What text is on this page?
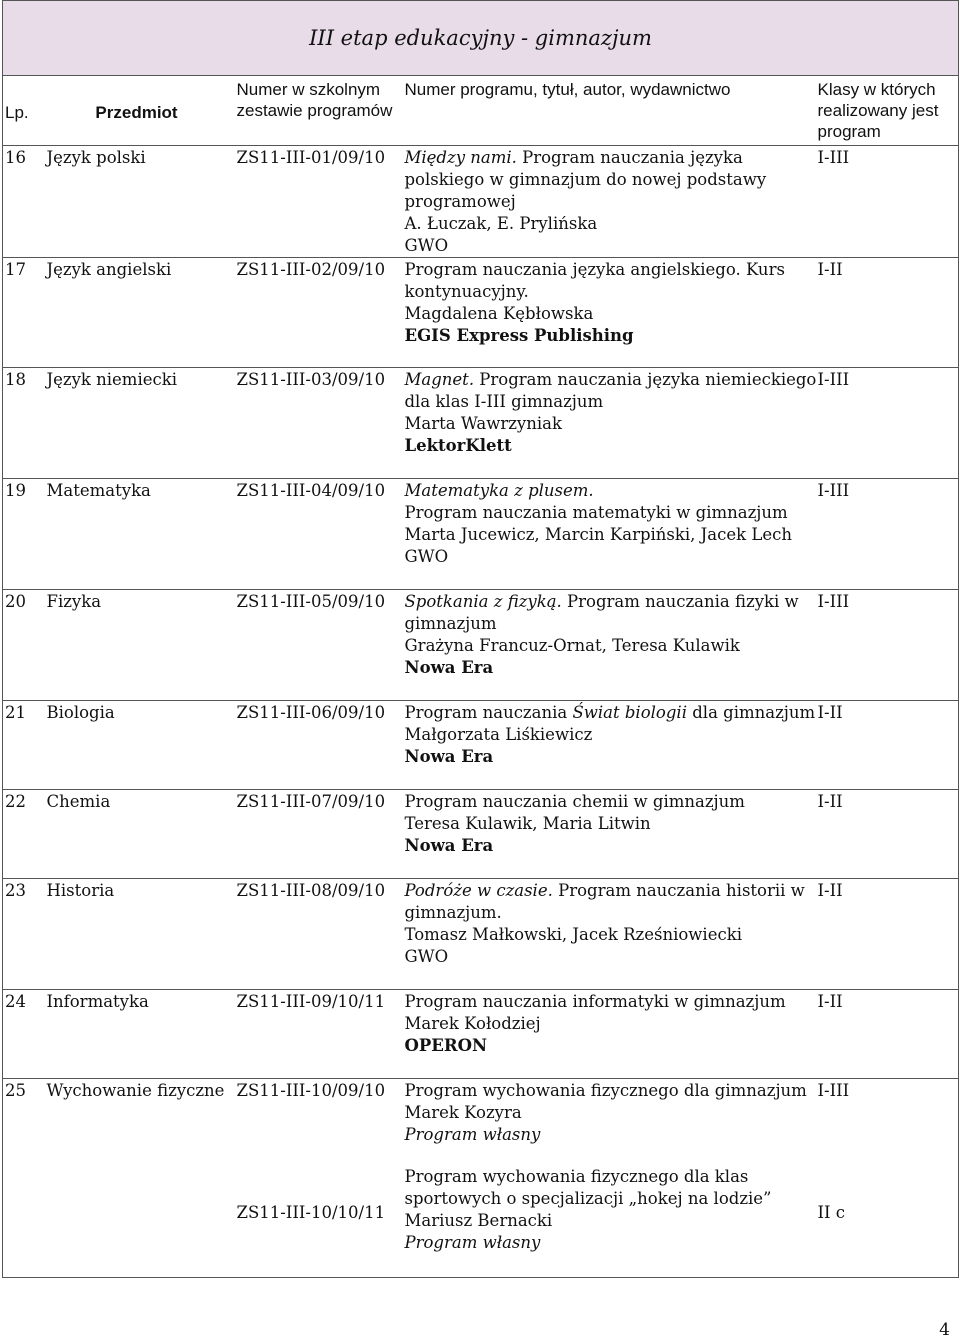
III etap edukacyjny - gimnazjum				
Lp.	Przedmiot	Numer w szkolnym zestawie programów	Numer programu, tytuł, autor, wydawnictwo	Klasy w których realizowany jest program
16	Język polski	ZS11-III-01/09/10	Między nami. Program nauczania języka polskiego w gimnazjum do nowej podstawy programowej
A. Łuczak, E. Prylińska
GWO	I-III
17	Język angielski	ZS11-III-02/09/10	Program nauczania języka angielskiego. Kurs kontynuacyjny.
Magdalena Kębłowska
EGIS Express Publishing	I-II
18	Język niemiecki	ZS11-III-03/09/10	Magnet. Program nauczania języka niemieckiego dla klas I-III gimnazjum
Marta Wawrzyniak
LektorKlett	I-III
19	Matematyka	ZS11-III-04/09/10	Matematyka z plusem.
Program nauczania matematyki w gimnazjum
Marta Jucewicz, Marcin Karpiński, Jacek Lech
GWO	I-III
20	Fizyka	ZS11-III-05/09/10	Spotkania z fizyką. Program nauczania fizyki w gimnazjum
Grażyna Francuz-Ornat, Teresa Kulawik
Nowa Era	I-III
21	Biologia	ZS11-III-06/09/10	Program nauczania Świat biologii dla gimnazjum
Małgorzata Liśkiewicz
Nowa Era	I-II
22	Chemia	ZS11-III-07/09/10	Program nauczania chemii w gimnazjum
Teresa Kulawik, Maria Litwin
Nowa Era	I-II
23	Historia	ZS11-III-08/09/10	Podróże w czasie. Program nauczania historii w gimnazjum.
Tomasz Małkowski, Jacek Rześniowiecki
GWO	I-II
24	Informatyka	ZS11-III-09/10/11	Program nauczania informatyki w gimnazjum
Marek Kołodziej
OPERON	I-II
25	Wychowanie fizyczne	ZS11-III-10/09/10	Program wychowania fizycznego dla gimnazjum
Marek Kozyra
Program własny	I-III
		ZS11-III-10/10/11	Program wychowania fizycznego dla klas sportowych o specjalizacji „hokej na lodzie”
Mariusz Bernacki
Program własny	II c
4
